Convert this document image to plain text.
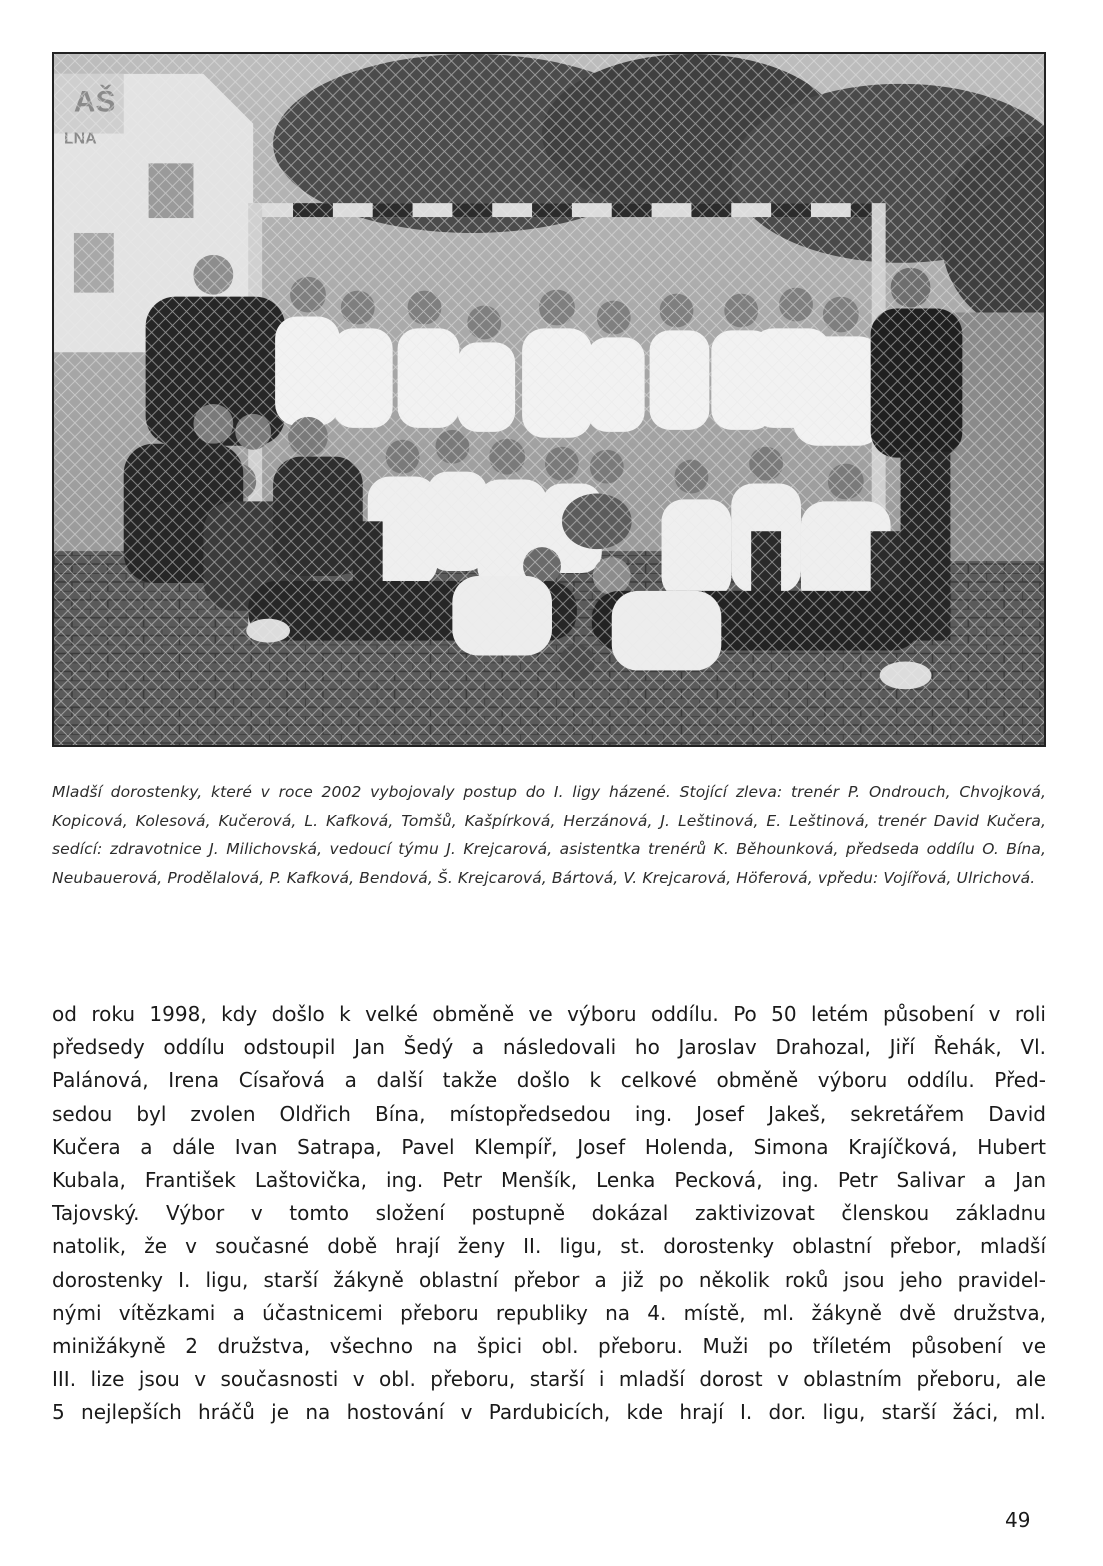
Mladší dorostenky, které v roce 2002 vybojovaly postup do I. ligy házené. Stojící zleva: trenér P. Ondrouch, Chvojková, Kopicová, Kolesová, Kučerová, L. Kafková, Tomšů, Kašpírková, Herzánová, J. Leštinová, E. Leštinová, trenér David Kučera, sedící: zdravotnice J. Milichovská, vedoucí týmu J. Krejcarová, asistentka trenérů K. Běhounková, předseda oddílu O. Bína, Neubauerová, Prodělalová, P. Kafková, Bendová, Š. Krejcarová, Bártová, V. Krejcarová, Höferová, vpředu: Vojířová, Ulrichová.

od roku 1998, kdy došlo k velké obměně ve výboru oddílu. Po 50 letém působení v roli
předsedy oddílu odstoupil Jan Šedý a následovali ho Jaroslav Drahozal, Jiří Řehák, Vl.
Palánová, Irena Císařová a další takže došlo k celkové obměně výboru oddílu. Před-
sedou byl zvolen Oldřich Bína, místopředsedou ing. Josef Jakeš, sekretářem David
Kučera a dále Ivan Satrapa, Pavel Klempíř, Josef Holenda, Simona Krajíčková, Hubert
Kubala, František Laštovička, ing. Petr Menšík, Lenka Pecková, ing. Petr Salivar a Jan
Tajovský. Výbor v tomto složení postupně dokázal zaktivizovat členskou základnu
natolik, že v současné době hrají ženy II. ligu, st. dorostenky oblastní přebor, mladší
dorostenky I. ligu, starší žákyně oblastní přebor a již po několik roků jsou jeho pravidel-
nými vítězkami a účastnicemi přeboru republiky na 4. místě, ml. žákyně dvě družstva,
minižákyně 2 družstva, všechno na špici obl. přeboru. Muži po tříletém působení ve
III. lize jsou v současnosti v obl. přeboru, starší i mladší dorost v oblastním přeboru, ale
5 nejlepších hráčů je na hostování v Pardubicích, kde hrají I. dor. ligu, starší žáci, ml.
49
